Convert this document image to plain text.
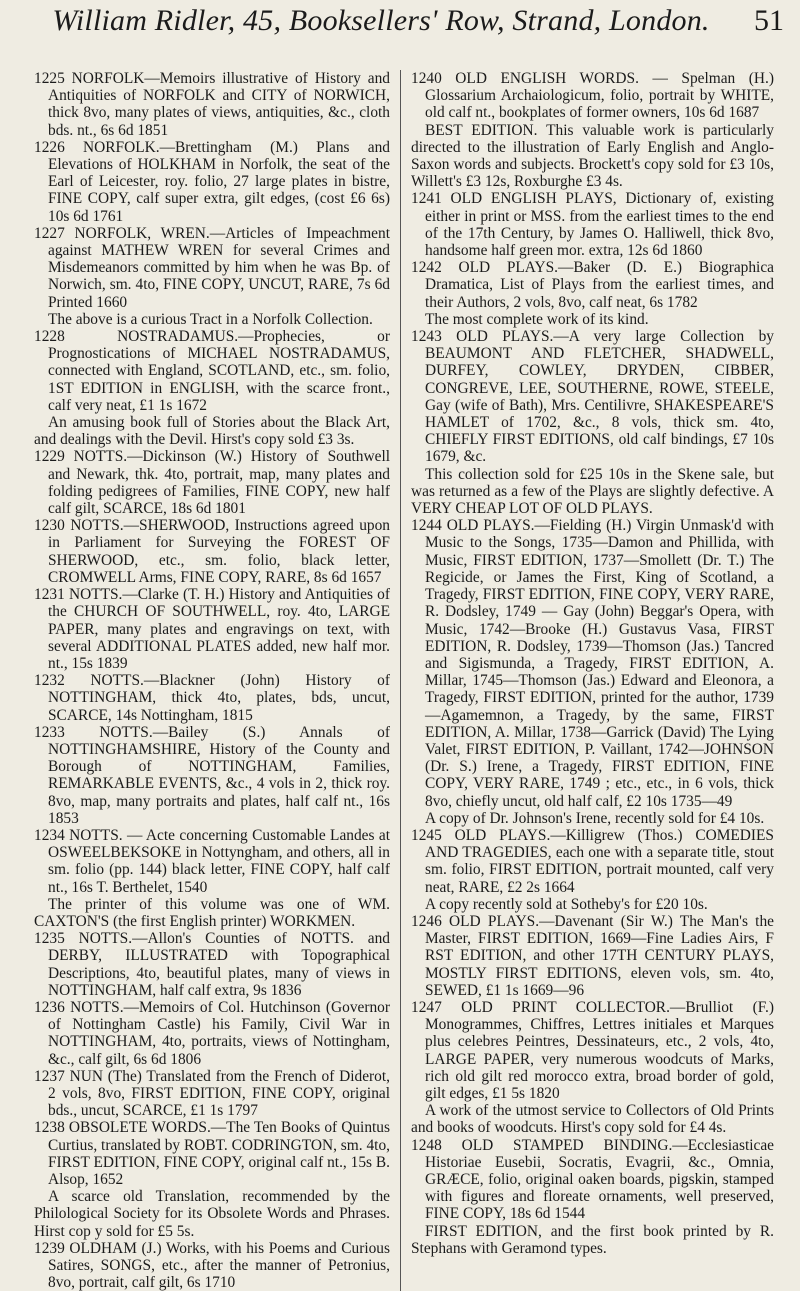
William Ridler, 45, Booksellers' Row, Strand, London.	51

1225 NORFOLK—Memoirs illustrative of History and Antiquities of NORFOLK and CITY of NORWICH, thick 8vo, many plates of views, antiquities, &c., cloth bds. nt., 6s 6d 1851

1226 NORFOLK.—Brettingham (M.) Plans and Elevations of HOLKHAM in Norfolk, the seat of the Earl of Leicester, roy. folio, 27 large plates in bistre, FINE COPY, calf super extra, gilt edges, (cost £6 6s) 10s 6d 1761

1227 NORFOLK, WREN.—Articles of Impeachment against MATHEW WREN for several Crimes and Misdemeanors committed by him when he was Bp. of Norwich, sm. 4to, FINE COPY, UNCUT, RARE, 7s 6d Printed 1660

The above is a curious Tract in a Norfolk Collection.

1228 NOSTRADAMUS.—Prophecies, or Prognostications of MICHAEL NOSTRADAMUS, connected with England, SCOTLAND, etc., sm. folio, 1ST EDITION in ENGLISH, with the scarce front., calf very neat, £1 1s 1672

An amusing book full of Stories about the Black Art, and dealings with the Devil. Hirst's copy sold £3 3s.

1229 NOTTS.—Dickinson (W.) History of Southwell and Newark, thk. 4to, portrait, map, many plates and folding pedigrees of Families, FINE COPY, new half calf gilt, SCARCE, 18s 6d 1801

1230 NOTTS.—SHERWOOD, Instructions agreed upon in Parliament for Surveying the FOREST OF SHERWOOD, etc., sm. folio, black letter, CROMWELL Arms, FINE COPY, RARE, 8s 6d 1657

1231 NOTTS.—Clarke (T. H.) History and Antiquities of the CHURCH OF SOUTHWELL, roy. 4to, LARGE PAPER, many plates and engravings on text, with several ADDITIONAL PLATES added, new half mor. nt., 15s 1839

1232 NOTTS.—Blackner (John) History of NOTTINGHAM, thick 4to, plates, bds, uncut, SCARCE, 14s Nottingham, 1815

1233 NOTTS.—Bailey (S.) Annals of NOTTINGHAMSHIRE, History of the County and Borough of NOTTINGHAM, Families, REMARKABLE EVENTS, &c., 4 vols in 2, thick roy. 8vo, map, many portraits and plates, half calf nt., 16s 1853

1234 NOTTS. — Acte concerning Customable Landes at OSWEELBEKSOKE in Nottyngham, and others, all in sm. folio (pp. 144) black letter, FINE COPY, half calf nt., 16s T. Berthelet, 1540

The printer of this volume was one of WM. CAXTON'S (the first English printer) WORKMEN.

1235 NOTTS.—Allon's Counties of NOTTS. and DERBY, ILLUSTRATED with Topographical Descriptions, 4to, beautiful plates, many of views in NOTTINGHAM, half calf extra, 9s 1836

1236 NOTTS.—Memoirs of Col. Hutchinson (Governor of Nottingham Castle) his Family, Civil War in NOTTINGHAM, 4to, portraits, views of Nottingham, &c., calf gilt, 6s 6d 1806

1237 NUN (The) Translated from the French of Diderot, 2 vols, 8vo, FIRST EDITION, FINE COPY, original bds., uncut, SCARCE, £1 1s 1797

1238 OBSOLETE WORDS.—The Ten Books of Quintus Curtius, translated by ROBT. CODRINGTON, sm. 4to, FIRST EDITION, FINE COPY, original calf nt., 15s B. Alsop, 1652

A scarce old Translation, recommended by the Philological Society for its Obsolete Words and Phrases. Hirst cop y sold for £5 5s.

1239 OLDHAM (J.) Works, with his Poems and Curious Satires, SONGS, etc., after the manner of Petronius, 8vo, portrait, calf gilt, 6s 1710

1240 OLD ENGLISH WORDS. — Spelman (H.) Glossarium Archaiologicum, folio, portrait by WHITE, old calf nt., bookplates of former owners, 10s 6d 1687

BEST EDITION. This valuable work is particularly directed to the illustration of Early English and Anglo-Saxon words and subjects. Brockett's copy sold for £3 10s, Willett's £3 12s, Roxburghe £3 4s.

1241 OLD ENGLISH PLAYS, Dictionary of, existing either in print or MSS. from the earliest times to the end of the 17th Century, by James O. Halliwell, thick 8vo, handsome half green mor. extra, 12s 6d 1860

1242 OLD PLAYS.—Baker (D. E.) Biographica Dramatica, List of Plays from the earliest times, and their Authors, 2 vols, 8vo, calf neat, 6s 1782

The most complete work of its kind.

1243 OLD PLAYS.—A very large Collection by BEAUMONT AND FLETCHER, SHADWELL, DURFEY, COWLEY, DRYDEN, CIBBER, CONGREVE, LEE, SOUTHERNE, ROWE, STEELE, Gay (wife of Bath), Mrs. Centilivre, SHAKESPEARE'S HAMLET of 1702, &c., 8 vols, thick sm. 4to, CHIEFLY FIRST EDITIONS, old calf bindings, £7 10s 1679, &c.

This collection sold for £25 10s in the Skene sale, but was returned as a few of the Plays are slightly defective. A VERY CHEAP LOT OF OLD PLAYS.

1244 OLD PLAYS.—Fielding (H.) Virgin Unmask'd with Music to the Songs, 1735—Damon and Phillida, with Music, FIRST EDITION, 1737—Smollett (Dr. T.) The Regicide, or James the First, King of Scotland, a Tragedy, FIRST EDITION, FINE COPY, VERY RARE, R. Dodsley, 1749 — Gay (John) Beggar's Opera, with Music, 1742—Brooke (H.) Gustavus Vasa, FIRST EDITION, R. Dodsley, 1739—Thomson (Jas.) Tancred and Sigismunda, a Tragedy, FIRST EDITION, A. Millar, 1745—Thomson (Jas.) Edward and Eleonora, a Tragedy, FIRST EDITION, printed for the author, 1739—Agamemnon, a Tragedy, by the same, FIRST EDITION, A. Millar, 1738—Garrick (David) The Lying Valet, FIRST EDITION, P. Vaillant, 1742—JOHNSON (Dr. S.) Irene, a Tragedy, FIRST EDITION, FINE COPY, VERY RARE, 1749 ; etc., etc., in 6 vols, thick 8vo, chiefly uncut, old half calf, £2 10s 1735—49

A copy of Dr. Johnson's Irene, recently sold for £4 10s.

1245 OLD PLAYS.—Killigrew (Thos.) COMEDIES AND TRAGEDIES, each one with a separate title, stout sm. folio, FIRST EDITION, portrait mounted, calf very neat, RARE, £2 2s 1664

A copy recently sold at Sotheby's for £20 10s.

1246 OLD PLAYS.—Davenant (Sir W.) The Man's the Master, FIRST EDITION, 1669—Fine Ladies Airs, F RST EDITION, and other 17TH CENTURY PLAYS, MOSTLY FIRST EDITIONS, eleven vols, sm. 4to, SEWED, £1 1s 1669—96

1247 OLD PRINT COLLECTOR.—Brulliot (F.) Monogrammes, Chiffres, Lettres initiales et Marques plus celebres Peintres, Dessinateurs, etc., 2 vols, 4to, LARGE PAPER, very numerous woodcuts of Marks, rich old gilt red morocco extra, broad border of gold, gilt edges, £1 5s 1820

A work of the utmost service to Collectors of Old Prints and books of woodcuts. Hirst's copy sold for £4 4s.

1248 OLD STAMPED BINDING.—Ecclesiasticae Historiae Eusebii, Socratis, Evagrii, &c., Omnia, GRÆCE, folio, original oaken boards, pigskin, stamped with figures and floreate ornaments, well preserved, FINE COPY, 18s 6d 1544

FIRST EDITION, and the first book printed by R. Stephans with Geramond types.
